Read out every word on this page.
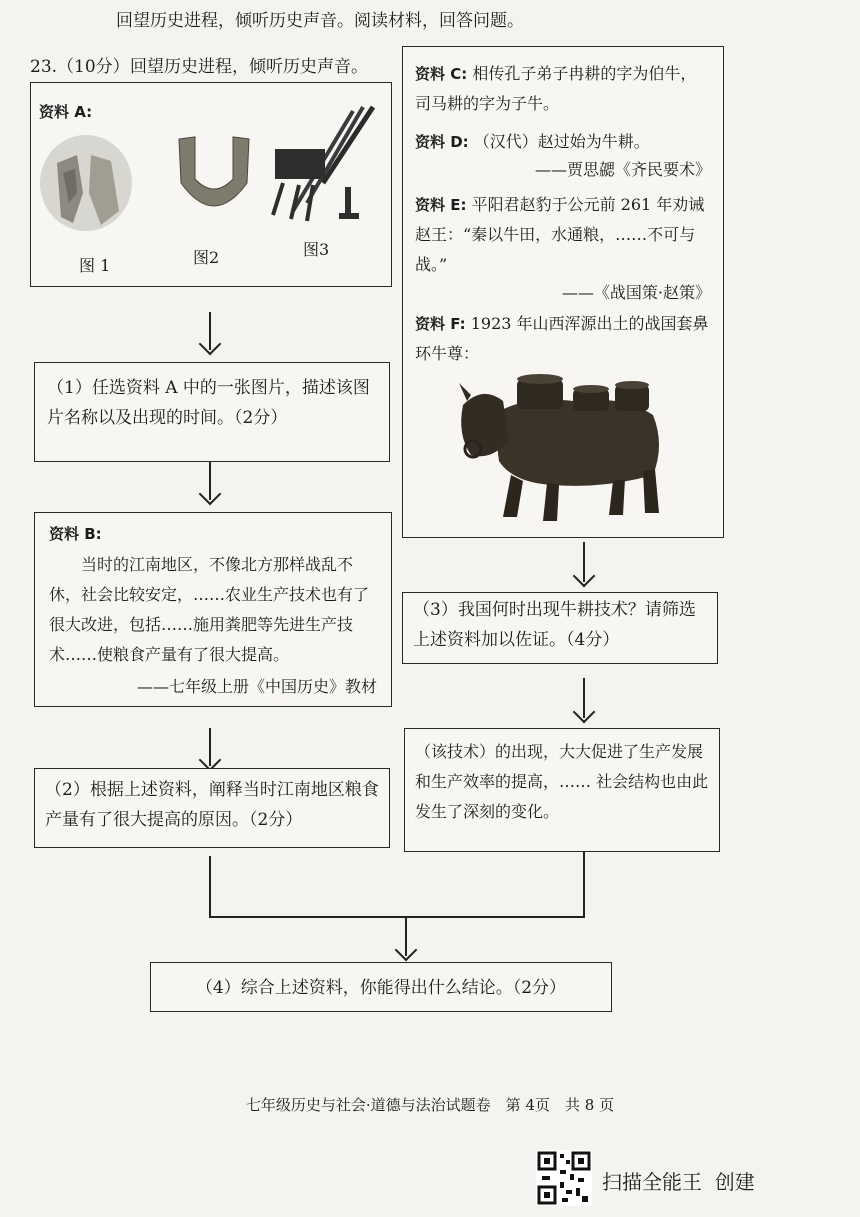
回望历史进程，倾听历史声音。阅读材料，回答问题。
23.（10分） 回望历史进程，倾听历史声音。
资料 A:
图 1	图2	图3
（1）任选资料 A 中的一张图片，描述该图片名称以及出现的时间。（2分）
资料 B:
当时的江南地区，不像北方那样战乱不休，社会比较安定，……农业生产技术也有了很大改进，包括……施用粪肥等先进生产技术……使粮食产量有了很大提高。
——七年级上册《中国历史》教材
（2）根据上述资料，阐释当时江南地区粮食产量有了很大提高的原因。（2分）
资料 C: 相传孔子弟子冉耕的字为伯牛，司马耕的字为子牛。
资料 D: （汉代）赵过始为牛耕。
——贾思勰《齐民要术》
资料 E: 平阳君赵豹于公元前 261 年劝诫赵王：“秦以牛田，水通粮，……不可与战。”
——《战国策·赵策》
资料 F: 1923 年山西浑源出土的战国套鼻环牛尊：
（3）我国何时出现牛耕技术？请筛选上述资料加以佐证。（4分）
（该技术）的出现，大大促进了生产发展和生产效率的提高，…… 社会结构也由此发生了深刻的变化。
（4）综合上述资料，你能得出什么结论。（2分）
七年级历史与社会·道德与法治试题卷　第 4页　共 8 页
扫描全能王  创建
